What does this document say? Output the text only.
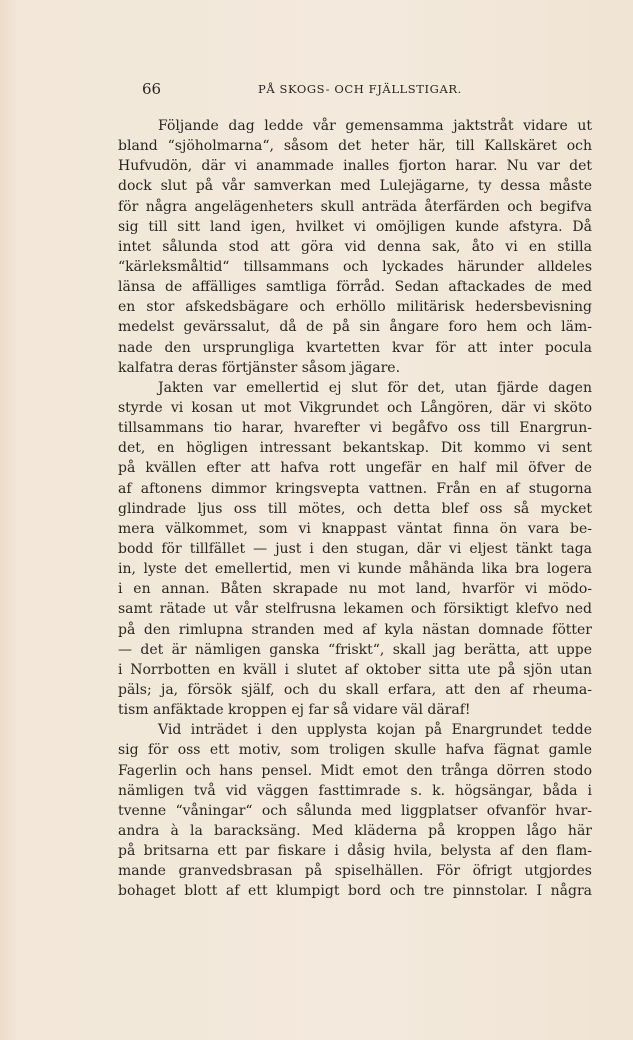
66	PÅ SKOGS- OCH FJÄLLSTIGAR.
Följande dag ledde vår gemensamma jaktstråt vidare ut
bland “sjöholmarna“, såsom det heter här, till Kallskäret och
Hufvudön, där vi anammade inalles fjorton harar. Nu var det
dock slut på vår samverkan med Lulejägarne, ty dessa måste
för några angelägenheters skull anträda återfärden och begifva
sig till sitt land igen, hvilket vi omöjligen kunde afstyra. Då
intet sålunda stod att göra vid denna sak, åto vi en stilla
“kärleksmåltid“ tillsammans och lyckades härunder alldeles
länsa de affälliges samtliga förråd. Sedan aftackades de med
en stor afskedsbägare och erhöllo militärisk hedersbevisning
medelst gevärssalut, då de på sin ångare foro hem och läm-
nade den ursprungliga kvartetten kvar för att inter pocula
kalfatra deras förtjänster såsom jägare.
Jakten var emellertid ej slut för det, utan fjärde dagen
styrde vi kosan ut mot Vikgrundet och Långören, där vi sköto
tillsammans tio harar, hvarefter vi begåfvo oss till Enargrun-
det, en högligen intressant bekantskap. Dit kommo vi sent
på kvällen efter att hafva rott ungefär en half mil öfver de
af aftonens dimmor kringsvepta vattnen. Från en af stugorna
glindrade ljus oss till mötes, och detta blef oss så mycket
mera välkommet, som vi knappast väntat finna ön vara be-
bodd för tillfället — just i den stugan, där vi eljest tänkt taga
in, lyste det emellertid, men vi kunde måhända lika bra logera
i en annan. Båten skrapade nu mot land, hvarför vi mödo-
samt rätade ut vår stelfrusna lekamen och försiktigt klefvo ned
på den rimlupna stranden med af kyla nästan domnade fötter
— det är nämligen ganska “friskt“, skall jag berätta, att uppe
i Norrbotten en kväll i slutet af oktober sitta ute på sjön utan
päls; ja, försök själf, och du skall erfara, att den af rheuma-
tism anfäktade kroppen ej far så vidare väl däraf!
Vid inträdet i den upplysta kojan på Enargrundet tedde
sig för oss ett motiv, som troligen skulle hafva fägnat gamle
Fagerlin och hans pensel. Midt emot den trånga dörren stodo
nämligen två vid väggen fasttimrade s. k. högsängar, båda i
tvenne “våningar“ och sålunda med liggplatser ofvanför hvar-
andra à la baracksäng. Med kläderna på kroppen lågo här
på britsarna ett par fiskare i dåsig hvila, belysta af den flam-
mande granvedsbrasan på spiselhällen. För öfrigt utgjordes
bohaget blott af ett klumpigt bord och tre pinnstolar. I några
